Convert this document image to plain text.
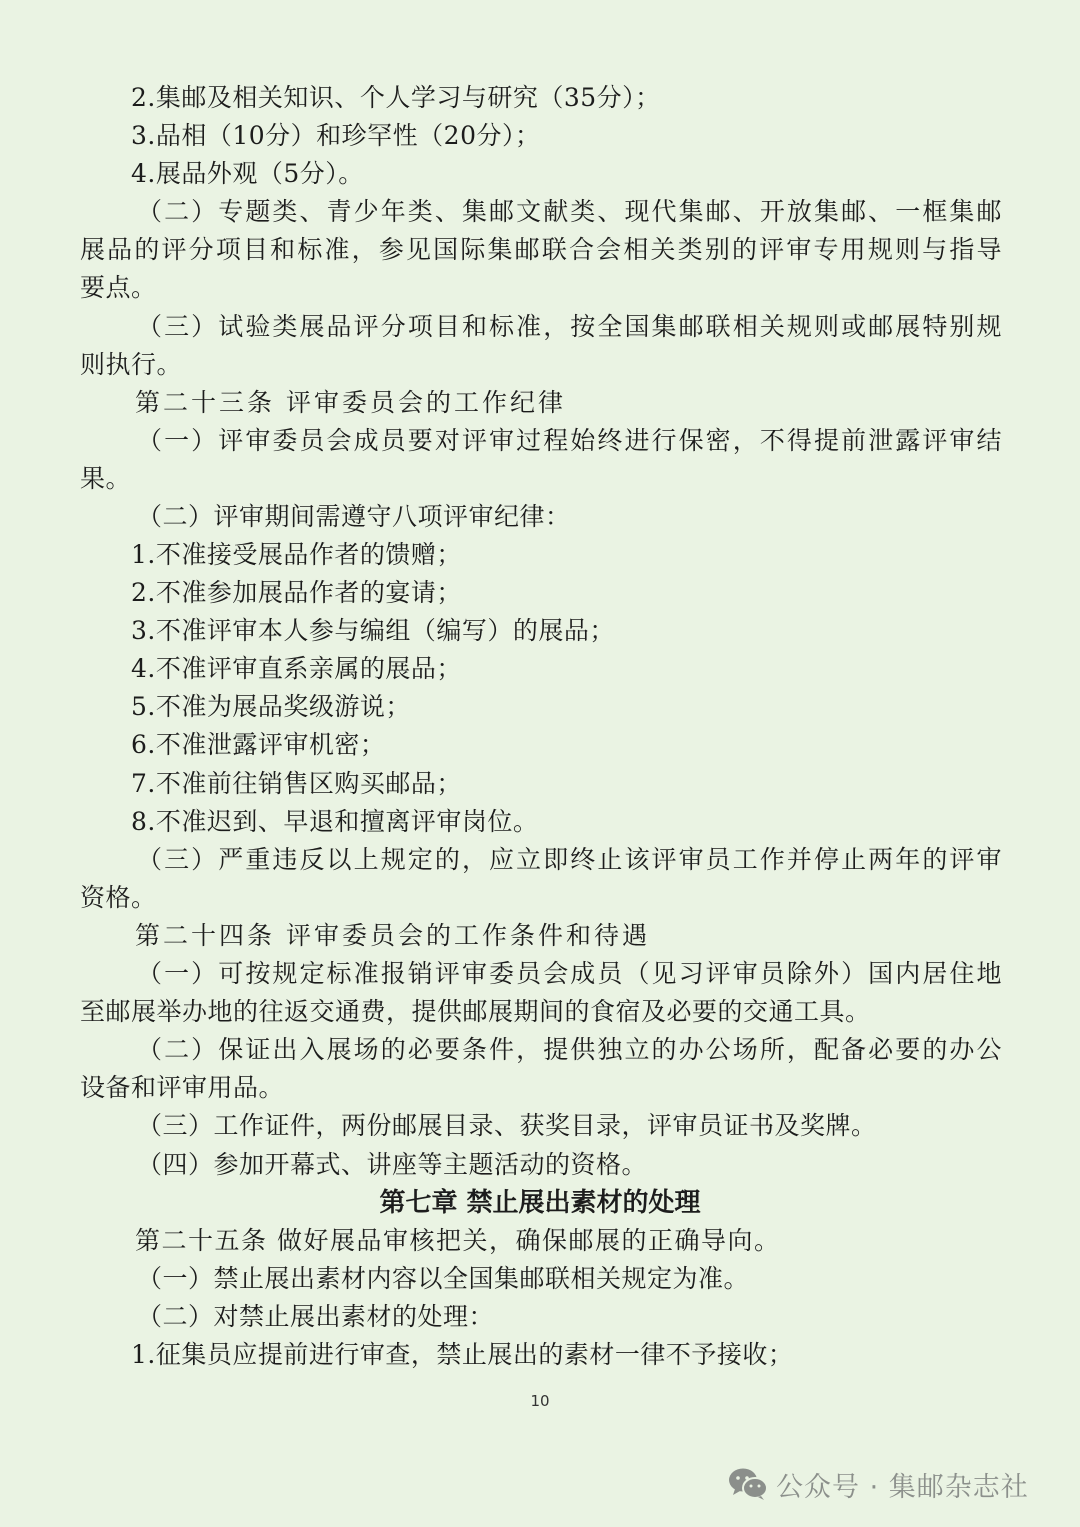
2.集邮及相关知识、个人学习与研究（35分）；
3.品相（10分）和珍罕性（20分）；
4.展品外观（5分）。
（二）专题类、青少年类、集邮文献类、现代集邮、开放集邮、一框集邮
展品的评分项目和标准，参见国际集邮联合会相关类别的评审专用规则与指导
要点。
（三）试验类展品评分项目和标准，按全国集邮联相关规则或邮展特别规
则执行。
第二十三条 评审委员会的工作纪律
（一）评审委员会成员要对评审过程始终进行保密，不得提前泄露评审结
果。
（二）评审期间需遵守八项评审纪律：
1.不准接受展品作者的馈赠；
2.不准参加展品作者的宴请；
3.不准评审本人参与编组（编写）的展品；
4.不准评审直系亲属的展品；
5.不准为展品奖级游说；
6.不准泄露评审机密；
7.不准前往销售区购买邮品；
8.不准迟到、早退和擅离评审岗位。
（三）严重违反以上规定的，应立即终止该评审员工作并停止两年的评审
资格。
第二十四条 评审委员会的工作条件和待遇
（一）可按规定标准报销评审委员会成员（见习评审员除外）国内居住地
至邮展举办地的往返交通费，提供邮展期间的食宿及必要的交通工具。
（二）保证出入展场的必要条件，提供独立的办公场所，配备必要的办公
设备和评审用品。
（三）工作证件，两份邮展目录、获奖目录，评审员证书及奖牌。
（四）参加开幕式、讲座等主题活动的资格。
第七章 禁止展出素材的处理
第二十五条 做好展品审核把关，确保邮展的正确导向。
（一）禁止展出素材内容以全国集邮联相关规定为准。
（二）对禁止展出素材的处理：
1.征集员应提前进行审查，禁止展出的素材一律不予接收；
10
公众号 · 集邮杂志社
